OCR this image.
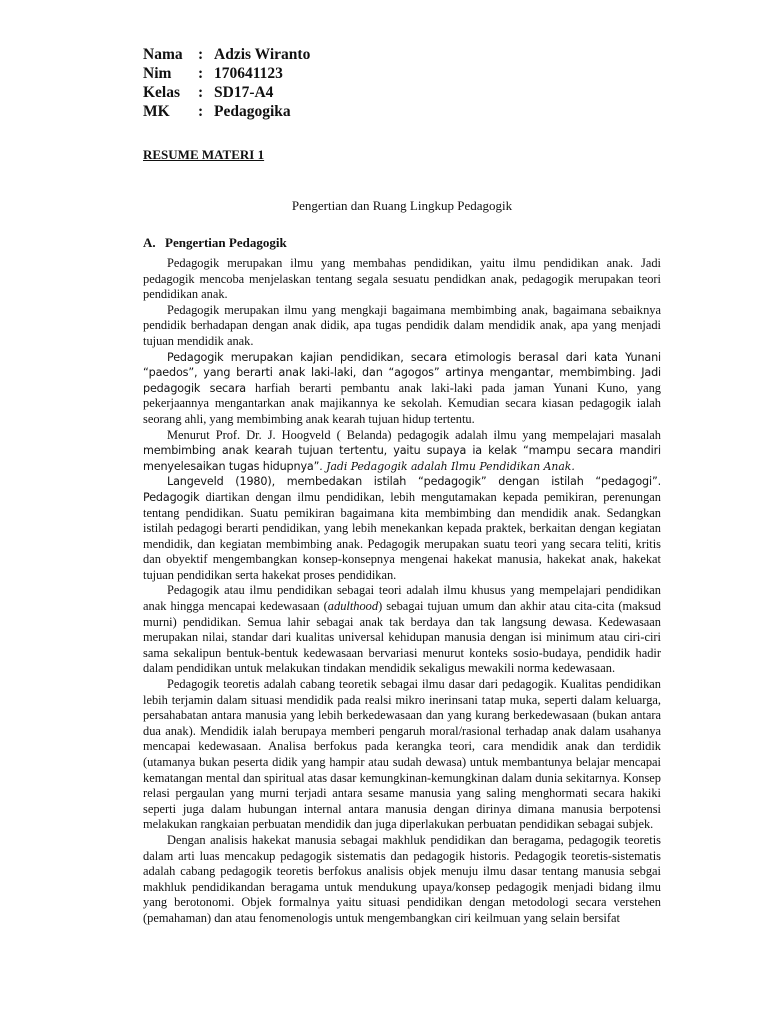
Nama : Adzis Wiranto
Nim	: 170641123
Kelas	: SD17-A4
MK	: Pedagogika
RESUME MATERI 1
Pengertian dan Ruang Lingkup Pedagogik
A. Pengertian Pedagogik

Pedagogik merupakan ilmu yang membahas pendidikan, yaitu ilmu pendidikan anak. Jadi pedagogik mencoba menjelaskan tentang segala sesuatu pendidkan anak, pedagogik merupakan teori pendidikan anak.

Pedagogik merupakan ilmu yang mengkaji bagaimana membimbing anak, bagaimana sebaiknya pendidik berhadapan dengan anak didik, apa tugas pendidik dalam mendidik anak, apa yang menjadi tujuan mendidik anak.

Pedagogik merupakan kajian pendidikan, secara etimologis berasal dari kata Yunani “paedos”, yang berarti anak laki-laki, dan “agogos” artinya mengantar, membimbing. Jadi pedagogik secara harfiah berarti pembantu anak laki-laki pada jaman Yunani Kuno, yang pekerjaannya mengantarkan anak majikannya ke sekolah. Kemudian secara kiasan pedagogik ialah seorang ahli, yang membimbing anak kearah tujuan hidup tertentu.

Menurut Prof. Dr. J. Hoogveld ( Belanda) pedagogik adalah ilmu yang mempelajari masalah membimbing anak kearah tujuan tertentu, yaitu supaya ia kelak “mampu secara mandiri menyelesaikan tugas hidupnya”. Jadi Pedagogik adalah Ilmu Pendidikan Anak.

Langeveld (1980), membedakan istilah “pedagogik” dengan istilah “pedagogi”. Pedagogik diartikan dengan ilmu pendidikan, lebih mengutamakan kepada pemikiran, perenungan tentang pendidikan. Suatu pemikiran bagaimana kita membimbing dan mendidik anak. Sedangkan istilah pedagogi berarti pendidikan, yang lebih menekankan kepada praktek, berkaitan dengan kegiatan mendidik, dan kegiatan membimbing anak. Pedagogik merupakan suatu teori yang secara teliti, kritis dan obyektif mengembangkan konsep-konsepnya mengenai hakekat manusia, hakekat anak, hakekat tujuan pendidikan serta hakekat proses pendidikan.

Pedagogik atau ilmu pendidikan sebagai teori adalah ilmu khusus yang mempelajari pendidikan anak hingga mencapai kedewasaan (adulthood) sebagai tujuan umum dan akhir atau cita-cita (maksud murni) pendidikan. Semua lahir sebagai anak tak berdaya dan tak langsung dewasa. Kedewasaan merupakan nilai, standar dari kualitas universal kehidupan manusia dengan isi minimum atau ciri-ciri sama sekalipun bentuk-bentuk kedewasaan bervariasi menurut konteks sosio-budaya, pendidik hadir dalam pendidikan untuk melakukan tindakan mendidik sekaligus mewakili norma kedewasaan.

Pedagogik teoretis adalah cabang teoretik sebagai ilmu dasar dari pedagogik. Kualitas pendidikan lebih terjamin dalam situasi mendidik pada realsi mikro inerinsani tatap muka, seperti dalam keluarga, persahabatan antara manusia yang lebih berkedewasaan dan yang kurang berkedewasaan (bukan antara dua anak). Mendidik ialah berupaya memberi pengaruh moral/rasional terhadap anak dalam usahanya mencapai kedewasaan. Analisa berfokus pada kerangka teori, cara mendidik anak dan terdidik (utamanya bukan peserta didik yang hampir atau sudah dewasa) untuk membantunya belajar mencapai kematangan mental dan spiritual atas dasar kemungkinan-kemungkinan dalam dunia sekitarnya. Konsep relasi pergaulan yang murni terjadi antara sesame manusia yang saling menghormati secara hakiki seperti juga dalam hubungan internal antara manusia dengan dirinya dimana manusia berpotensi melakukan rangkaian perbuatan mendidik dan juga diperlakukan perbuatan pendidikan sebagai subjek.

Dengan analisis hakekat manusia sebagai makhluk pendidikan dan beragama, pedagogik teoretis dalam arti luas mencakup pedagogik sistematis dan pedagogik historis. Pedagogik teoretis-sistematis adalah cabang pedagogik teoretis berfokus analisis objek menuju ilmu dasar tentang manusia sebgai makhluk pendidikandan beragama untuk mendukung upaya/konsep pedagogik menjadi bidang ilmu yang berotonomi. Objek formalnya yaitu situasi pendidikan dengan metodologi secara verstehen (pemahaman) dan atau fenomenologis untuk mengembangkan ciri keilmuan yang selain bersifat
